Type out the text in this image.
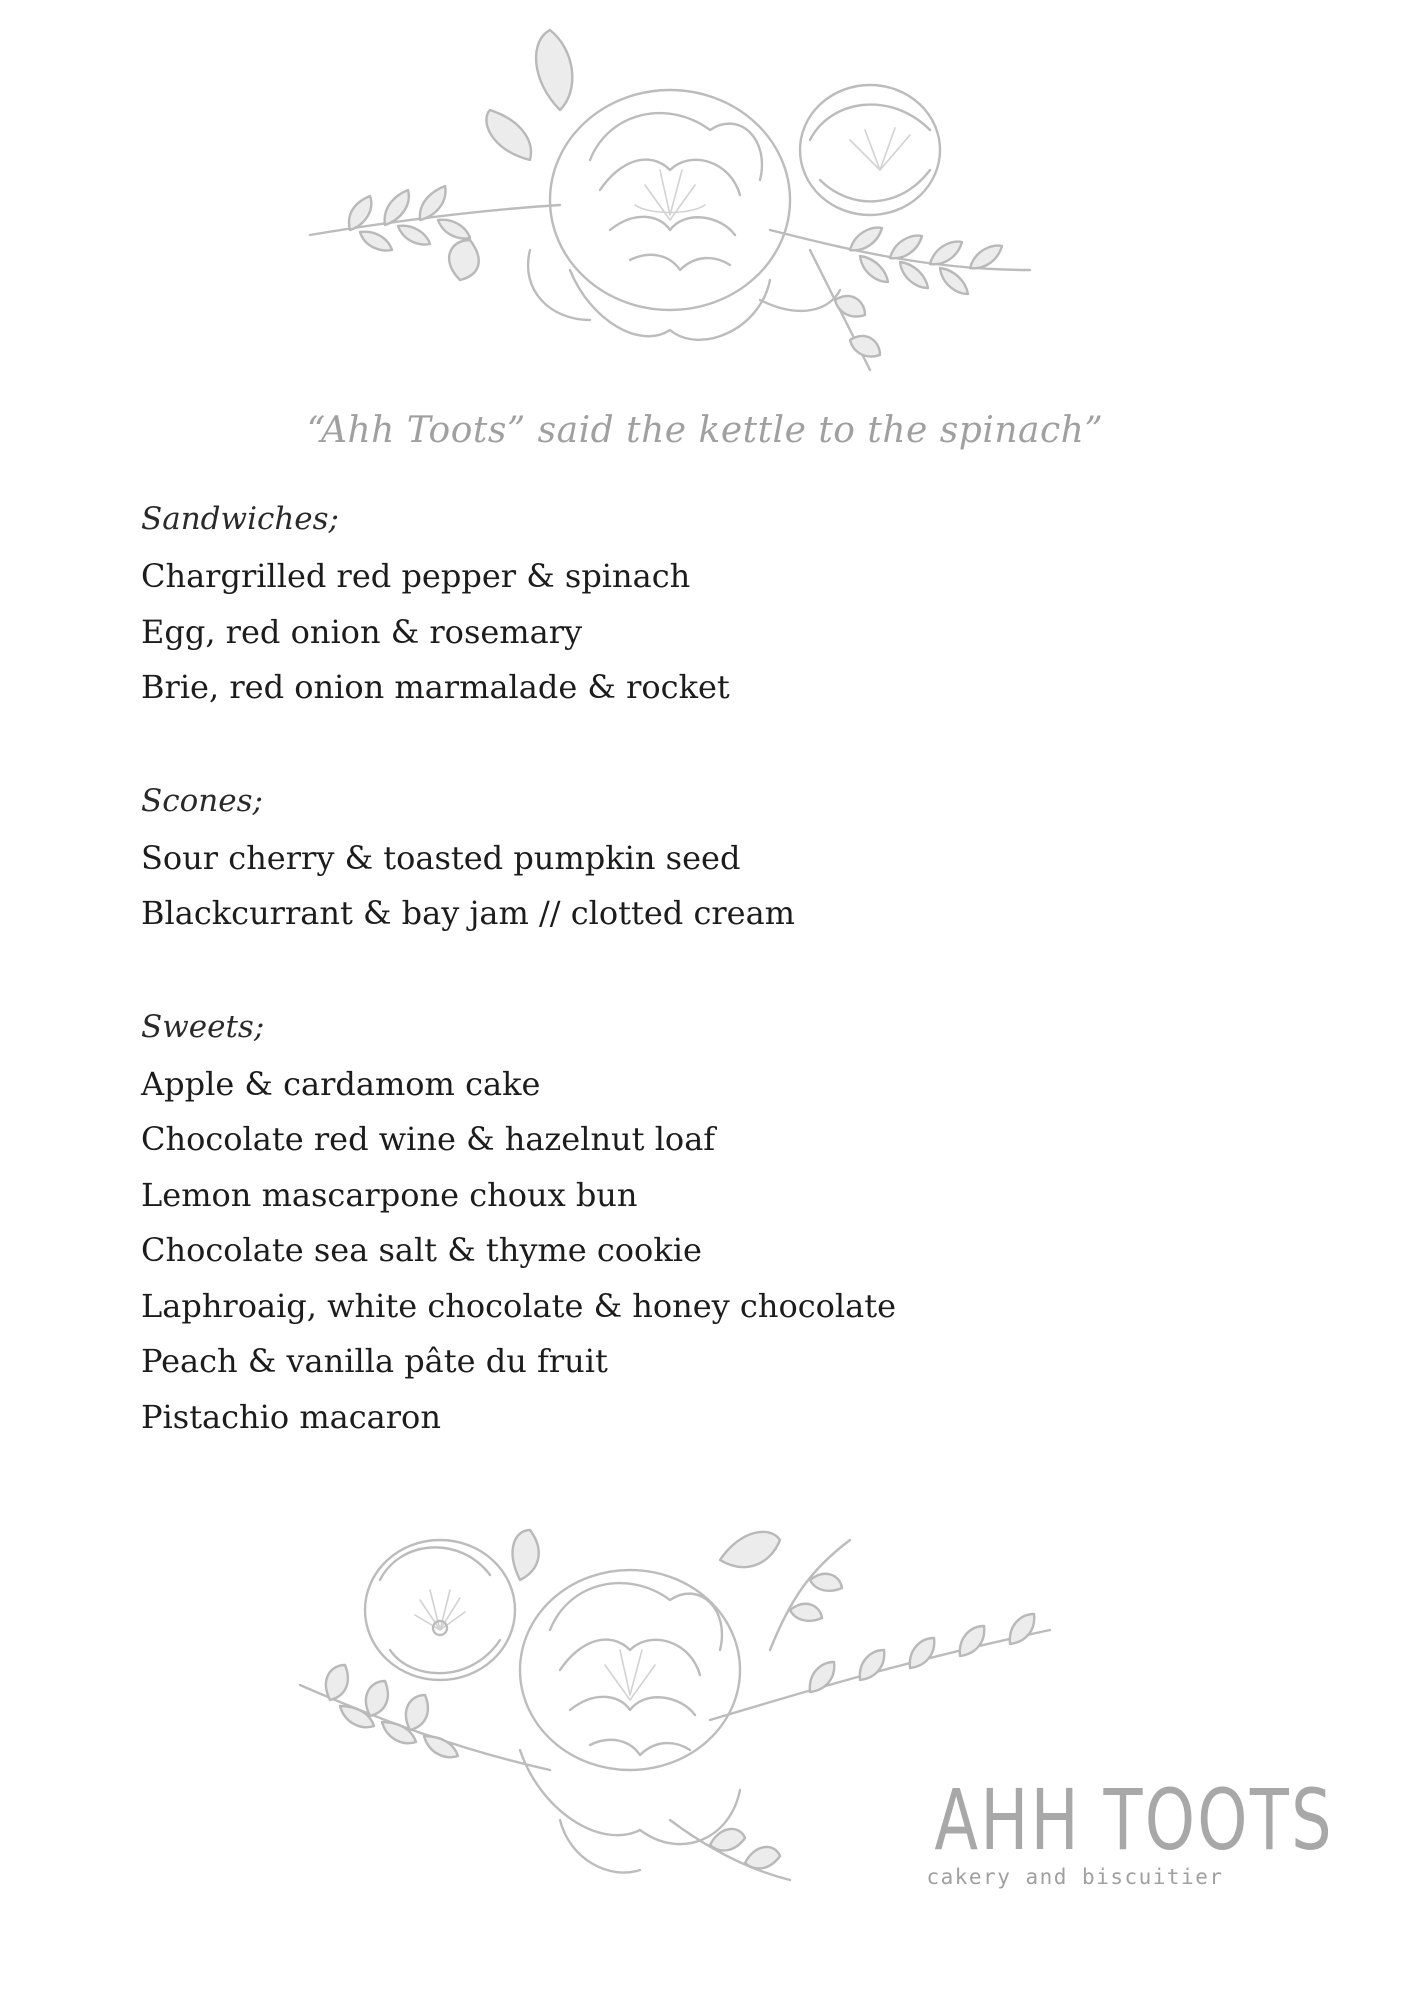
“Ahh Toots” said the kettle to the spinach”
Sandwiches;
Chargrilled red pepper & spinach
Egg, red onion & rosemary
Brie, red onion marmalade & rocket
Scones;
Sour cherry & toasted pumpkin seed
Blackcurrant & bay jam // clotted cream
Sweets;
Apple & cardamom cake
Chocolate red wine & hazelnut loaf
Lemon mascarpone choux bun
Chocolate sea salt & thyme cookie
Laphroaig, white chocolate & honey chocolate
Peach & vanilla pâte du fruit
Pistachio macaron
AHH TOOTS
cakery and biscuitier
